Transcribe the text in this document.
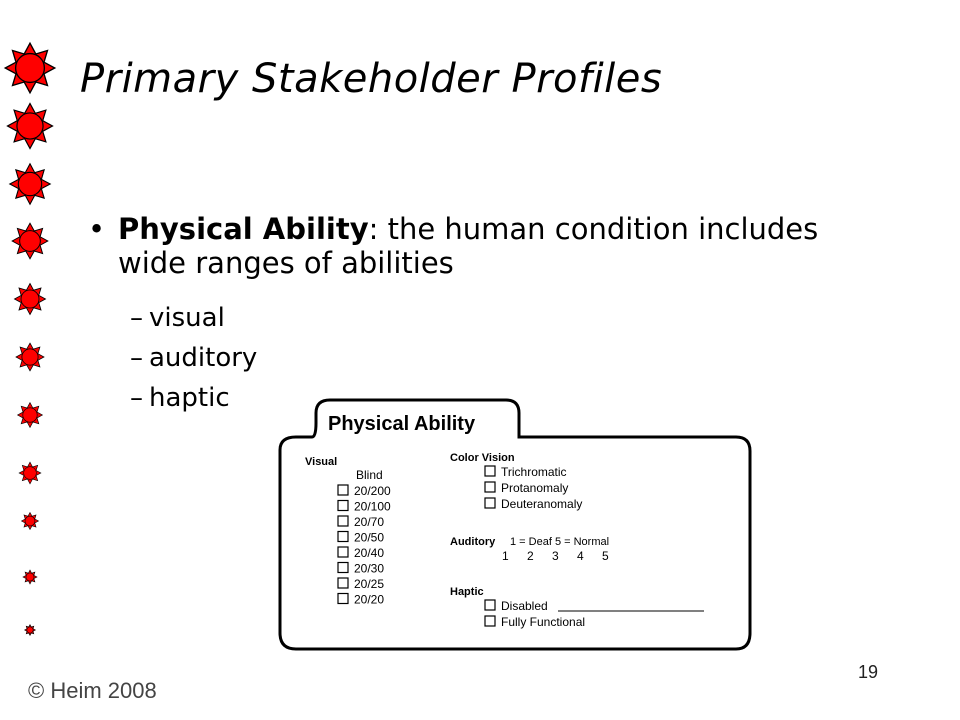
Primary Stakeholder Profiles
• Physical Ability: the human condition includes wide ranges of abilities
– visual
– auditory
– haptic
Physical Ability
Visual
Blind
20/200
20/100
20/70
20/50
20/40
20/30
20/25
20/20
Color Vision
Trichromatic
Protanomaly
Deuteranomaly
Auditory 1 = Deaf 5 = Normal
1 2 3 4 5
Haptic
Disabled
Fully Functional
© Heim 2008
19
